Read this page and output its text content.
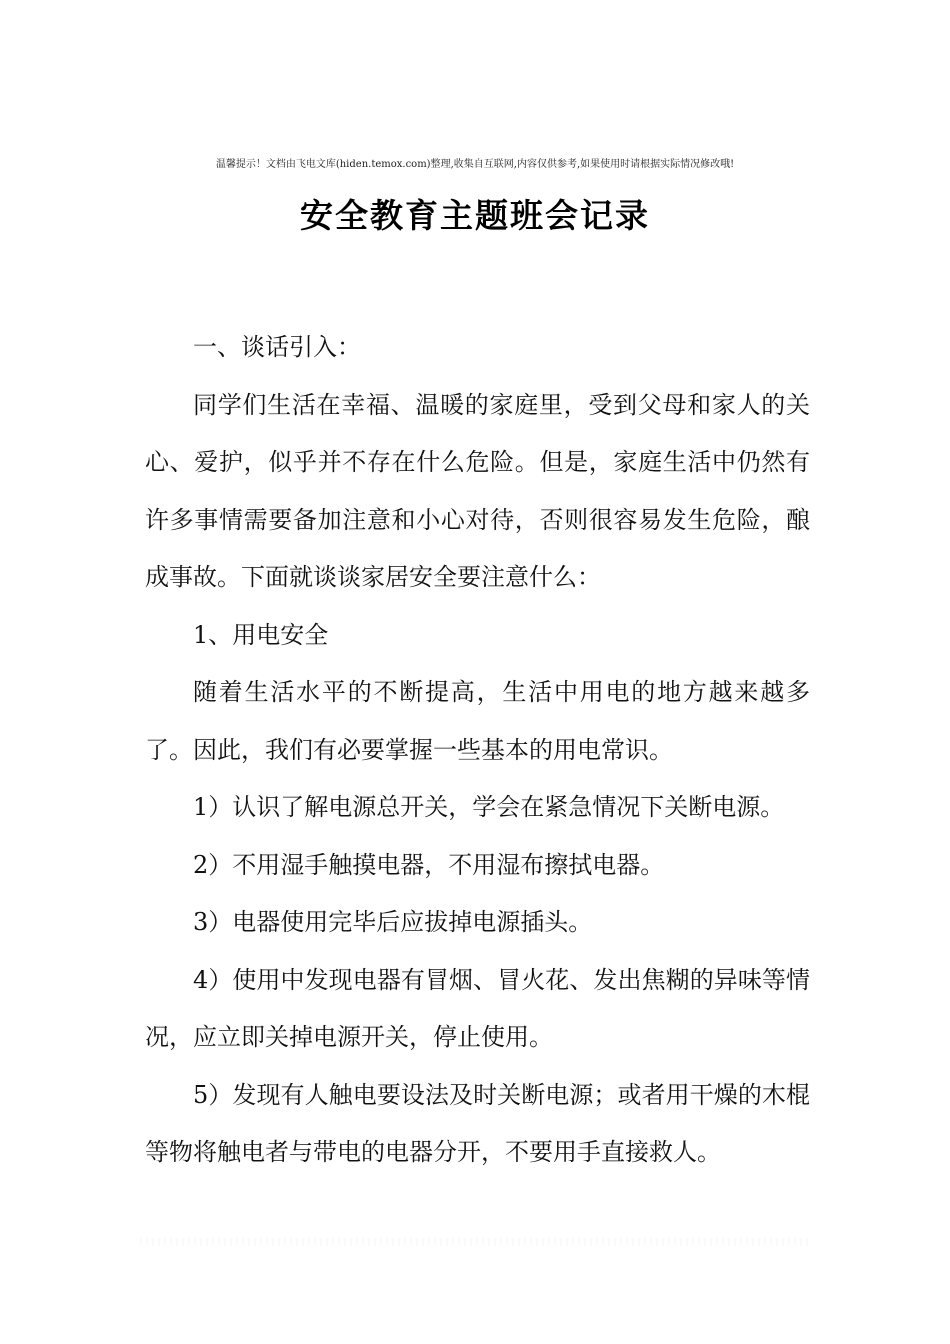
温馨提示！文档由飞电文库(hiden.temox.com)整理,收集自互联网,内容仅供参考,如果使用时请根据实际情况修改哦!
安全教育主题班会记录

一、谈话引入：

同学们生活在幸福、温暖的家庭里，受到父母和家人的关心、爱护，似乎并不存在什么危险。但是，家庭生活中仍然有许多事情需要备加注意和小心对待，否则很容易发生危险，酿成事故。下面就谈谈家居安全要注意什么：

1、用电安全

随着生活水平的不断提高，生活中用电的地方越来越多了。因此，我们有必要掌握一些基本的用电常识。

1）认识了解电源总开关，学会在紧急情况下关断电源。

2）不用湿手触摸电器，不用湿布擦拭电器。

3）电器使用完毕后应拔掉电源插头。

4）使用中发现电器有冒烟、冒火花、发出焦糊的异味等情况，应立即关掉电源开关，停止使用。

5）发现有人触电要设法及时关断电源；或者用干燥的木棍等物将触电者与带电的电器分开，不要用手直接救人。
